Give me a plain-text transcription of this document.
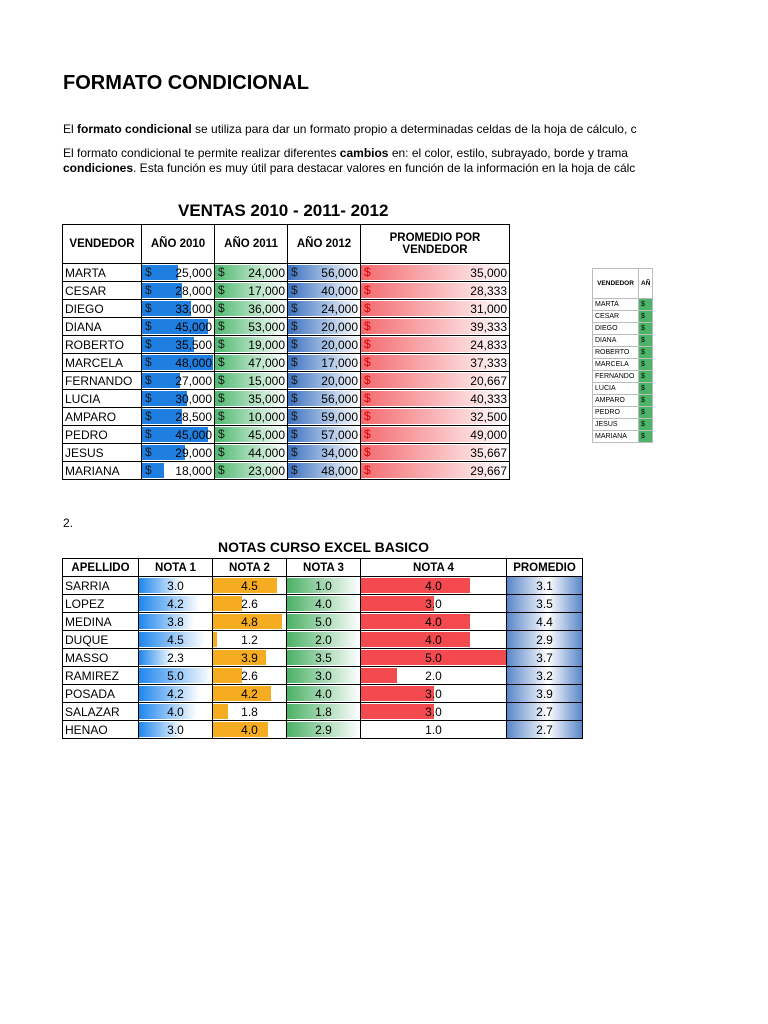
FORMATO CONDICIONAL
El formato condicional se utiliza para dar un formato propio a determinadas celdas de la hoja de cálculo, c
El formato condicional te permite realizar diferentes cambios en: el color, estilo, subrayado, borde y trama
condiciones. Esta función es muy útil para destacar valores en función de la información en la hoja de cálc
VENTAS 2010 - 2011- 2012
VENDEDOR	AÑO 2010	AÑO 2011	AÑO 2012	PROMEDIO POR VENDEDOR
MARTA	$ 25,000	$ 24,000	$ 56,000	$ 35,000
CESAR	$ 28,000	$ 17,000	$ 40,000	$ 28,333
DIEGO	$ 33,000	$ 36,000	$ 24,000	$ 31,000
DIANA	$ 45,000	$ 53,000	$ 20,000	$ 39,333
ROBERTO	$ 35,500	$ 19,000	$ 20,000	$ 24,833
MARCELA	$ 48,000	$ 47,000	$ 17,000	$ 37,333
FERNANDO	$ 27,000	$ 15,000	$ 20,000	$ 20,667
LUCIA	$ 30,000	$ 35,000	$ 56,000	$ 40,333
AMPARO	$ 28,500	$ 10,000	$ 59,000	$ 32,500
PEDRO	$ 45,000	$ 45,000	$ 57,000	$ 49,000
JESUS	$ 29,000	$ 44,000	$ 34,000	$ 35,667
MARIANA	$ 18,000	$ 23,000	$ 48,000	$ 29,667
2.
NOTAS CURSO EXCEL BASICO
APELLIDO	NOTA 1	NOTA 2	NOTA 3	NOTA 4	PROMEDIO
SARRIA	3.0	4.5	1.0	4.0	3.1
LOPEZ	4.2	2.6	4.0	3.0	3.5
MEDINA	3.8	4.8	5.0	4.0	4.4
DUQUE	4.5	1.2	2.0	4.0	2.9
MASSO	2.3	3.9	3.5	5.0	3.7
RAMIREZ	5.0	2.6	3.0	2.0	3.2
POSADA	4.2	4.2	4.0	3.0	3.9
SALAZAR	4.0	1.8	1.8	3.0	2.7
HENAO	3.0	4.0	2.9	1.0	2.7
VENDEDOR	AÑ
MARTA	$
CESAR	$
DIEGO	$
DIANA	$
ROBERTO	$
MARCELA	$
FERNANDO	$
LUCIA	$
AMPARO	$
PEDRO	$
JESUS	$
MARIANA	$
